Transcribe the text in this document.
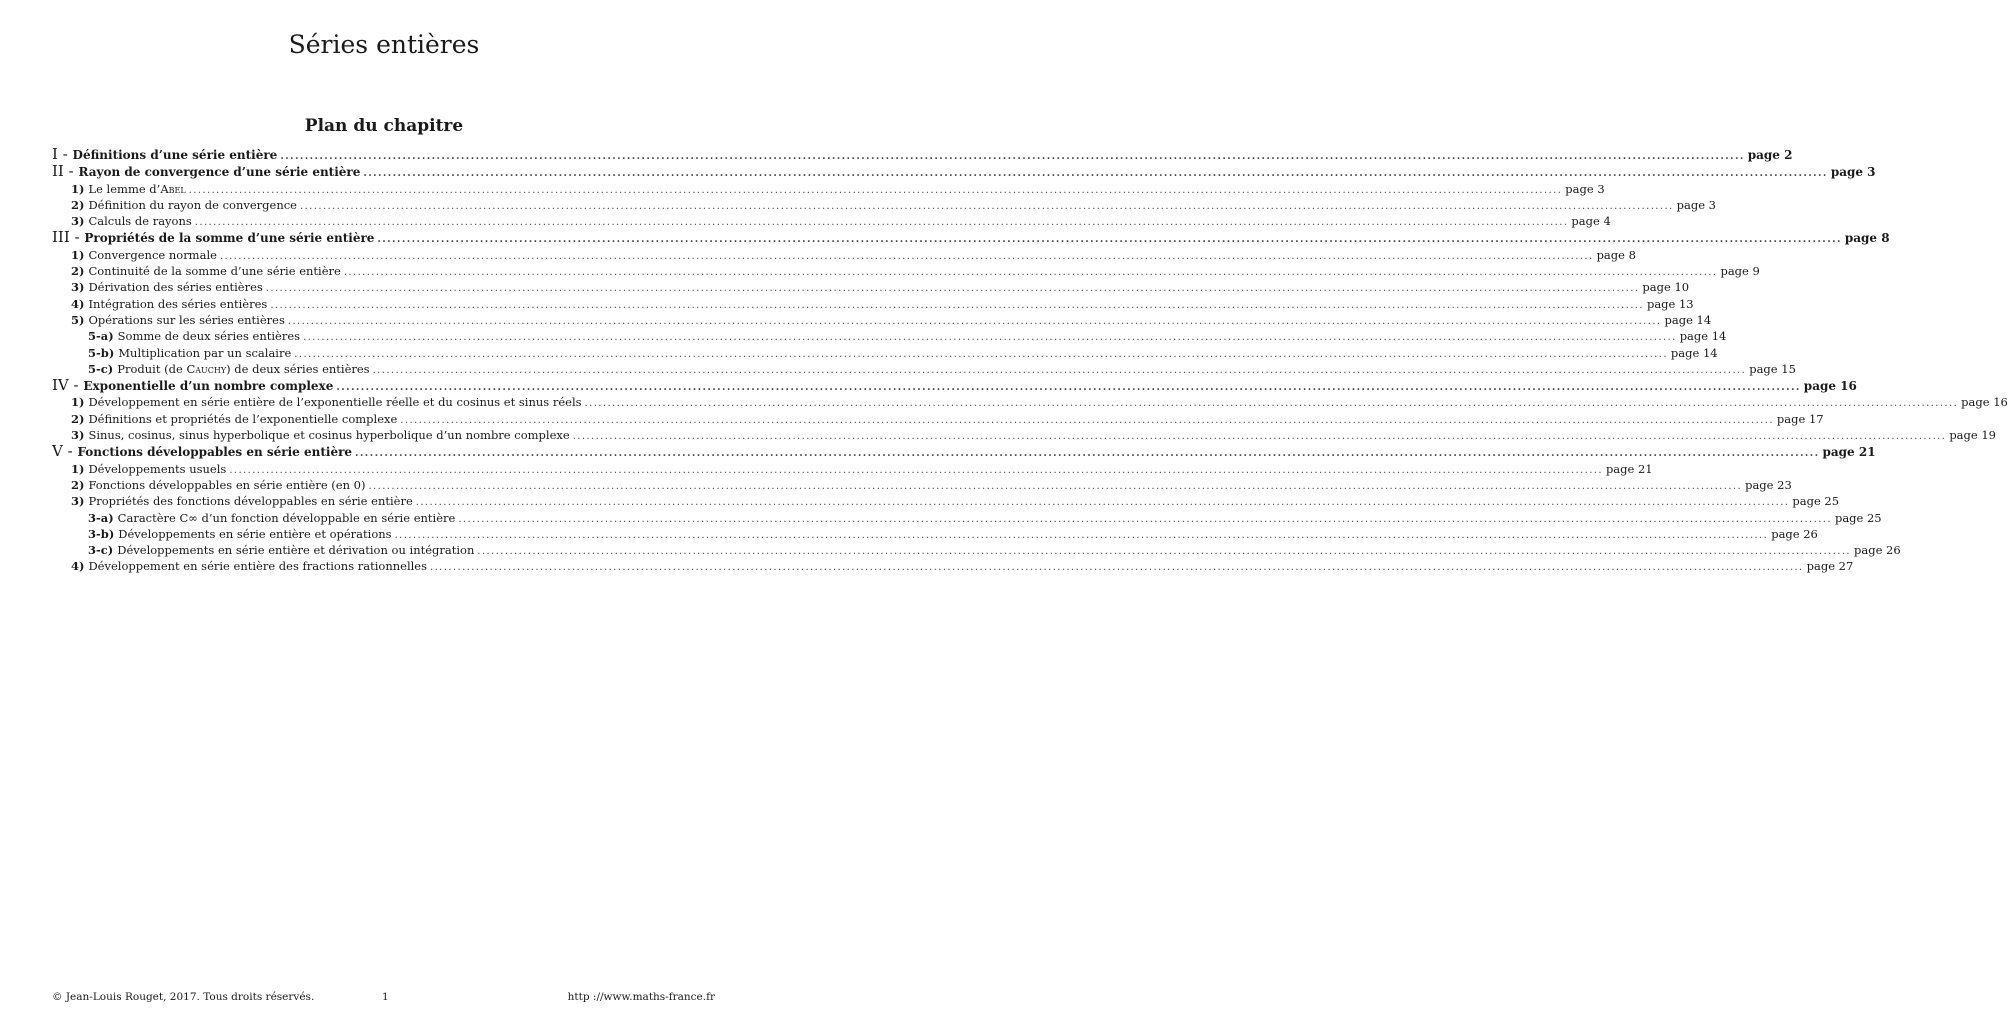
Séries entières
Plan du chapitre
I - Définitions d’une série entière ............................................................................................................................................................................................................................................................................................................ page 2
II - Rayon de convergence d’une série entière ............................................................................................................................................................................................................................................................................................................ page 3
1) Le lemme d’Abel ............................................................................................................................................................................................................................................................................................................ page 3
2) Définition du rayon de convergence ............................................................................................................................................................................................................................................................................................................ page 3
3) Calculs de rayons ............................................................................................................................................................................................................................................................................................................ page 4
III - Propriétés de la somme d’une série entière ............................................................................................................................................................................................................................................................................................................ page 8
1) Convergence normale ............................................................................................................................................................................................................................................................................................................ page 8
2) Continuité de la somme d’une série entière ............................................................................................................................................................................................................................................................................................................ page 9
3) Dérivation des séries entières ............................................................................................................................................................................................................................................................................................................ page 10
4) Intégration des séries entières ............................................................................................................................................................................................................................................................................................................ page 13
5) Opérations sur les séries entières ............................................................................................................................................................................................................................................................................................................ page 14
5-a) Somme de deux séries entières ............................................................................................................................................................................................................................................................................................................ page 14
5-b) Multiplication par un scalaire ............................................................................................................................................................................................................................................................................................................ page 14
5-c) Produit (de Cauchy) de deux séries entières ............................................................................................................................................................................................................................................................................................................ page 15
IV - Exponentielle d’un nombre complexe ............................................................................................................................................................................................................................................................................................................ page 16
1) Développement en série entière de l’exponentielle réelle et du cosinus et sinus réels ............................................................................................................................................................................................................................................................................................................ page 16
2) Définitions et propriétés de l’exponentielle complexe ............................................................................................................................................................................................................................................................................................................ page 17
3) Sinus, cosinus, sinus hyperbolique et cosinus hyperbolique d’un nombre complexe ............................................................................................................................................................................................................................................................................................................ page 19
V - Fonctions développables en série entière ............................................................................................................................................................................................................................................................................................................ page 21
1) Développements usuels ............................................................................................................................................................................................................................................................................................................ page 21
2) Fonctions développables en série entière (en 0) ............................................................................................................................................................................................................................................................................................................ page 23
3) Propriétés des fonctions développables en série entière ............................................................................................................................................................................................................................................................................................................ page 25
3-a) Caractère C∞ d’un fonction développable en série entière ............................................................................................................................................................................................................................................................................................................ page 25
3-b) Développements en série entière et opérations ............................................................................................................................................................................................................................................................................................................ page 26
3-c) Développements en série entière et dérivation ou intégration ............................................................................................................................................................................................................................................................................................................ page 26
4) Développement en série entière des fractions rationnelles ............................................................................................................................................................................................................................................................................................................ page 27
© Jean-Louis Rouget, 2017. Tous droits réservés.	1	http ://www.maths-france.fr
